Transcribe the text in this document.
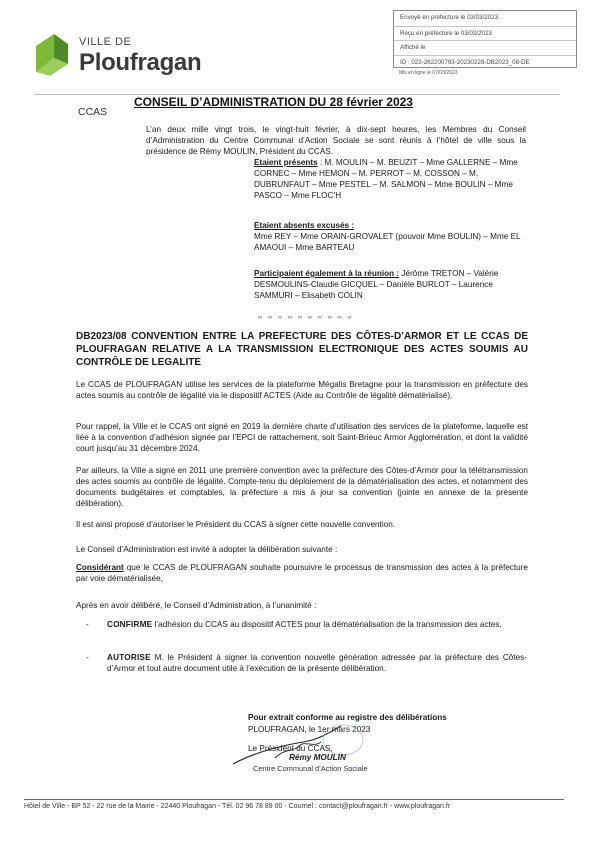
VILLE DE
Ploufragan
Envoyé en préfecture le 03/03/2023
Reçu en préfecture le 03/03/2023
Affiché le
ID : 022-262200793-20230228-DB2023_08-DE
Mis en ligne le 07/03/2023
CCAS
CONSEIL D’ADMINISTRATION DU 28 février 2023
L’an deux mille vingt trois, le vingt-huit février, à dix-sept heures, les Membres du Conseil d’Administration du Centre Communal d’Action Sociale se sont réunis à l’hôtel de ville sous la présidence de Rémy MOULIN, Président du CCAS.
Etaient présents : M. MOULIN – M. BEUZIT – Mme GALLERNE – Mme CORNEC – Mme HEMON – M. PERROT – M. COSSON – M. DUBRUNFAUT – Mme PESTEL – M. SALMON – Mme BOULIN – Mme PASCO – Mme FLOC’H
Etaient absents excusés :
Mme REY – Mme ORAIN-GROVALET (pouvoir Mme BOULIN) – Mme EL AMAOUI – Mme BARTEAU
Participaient également à la réunion : Jérôme TRETON – Valérie DESMOULINS-Claudie GICQUEL – Danièle BURLOT – Laurence SAMMURI – Elisabeth COLIN
∞ ∞ ∞ ∞ ∞ ∞ ∞ ∞ ∞ ∞
DB2023/08 CONVENTION ENTRE LA PREFECTURE DES CÔTES-D’ARMOR ET LE CCAS DE PLOUFRAGAN RELATIVE A LA TRANSMISSION ELECTRONIQUE DES ACTES SOUMIS AU CONTRÔLE DE LEGALITE
Le CCAS de PLOUFRAGAN utilise les services de la plateforme Mégalis Bretagne pour la transmission en préfecture des actes soumis au contrôle de légalité via le dispositif ACTES (Aide au Contrôle de légalité dématérialisé).
Pour rappel, la Ville et le CCAS ont signé en 2019 la dernière charte d’utilisation des services de la plateforme, laquelle est liée à la convention d’adhésion signée par l’EPCI de rattachement, soit Saint-Brieuc Armor Agglomération, et dont la validité court jusqu’au 31 décembre 2024.
Par ailleurs, la Ville a signé en 2011 une première convention avec la préfecture des Côtes-d’Armor pour la télétransmission des actes soumis au contrôle de légalité. Compte-tenu du déploiement de la dématérialisation des actes, et notamment des documents budgétaires et comptables, la préfecture a mis à jour sa convention (jointe en annexe de la présente délibération).
Il est ainsi proposé d’autoriser le Président du CCAS à signer cette nouvelle convention.
Le Conseil d’Administration est invité à adopter la délibération suivante :
Considérant que le CCAS de PLOUFRAGAN souhaite poursuivre le processus de transmission des actes à la préfecture par voie dématérialisée,
Après en avoir délibéré, le Conseil d’Administration, à l’unanimité :
- CONFIRME l’adhésion du CCAS au dispositif ACTES pour la dématérialisation de la transmission des actes,
- AUTORISE M. le Président à signer la convention nouvelle génération adressée par la préfecture des Côtes-d’Armor et tout autre document utile à l’exécution de la présente délibération.
Pour extrait conforme au registre des délibérations
PLOUFRAGAN, le 1er mars 2023
Le Président du CCAS,
Rémy MOULIN
Centre Communal d’Action Sociale
Hôtel de Ville - BP 52 - 22 rue de la Mairie - 22440 Ploufragan - Tél. 02 96 78 89 00 - Courriel : contact@ploufragan.fr - www.ploufragan.fr
